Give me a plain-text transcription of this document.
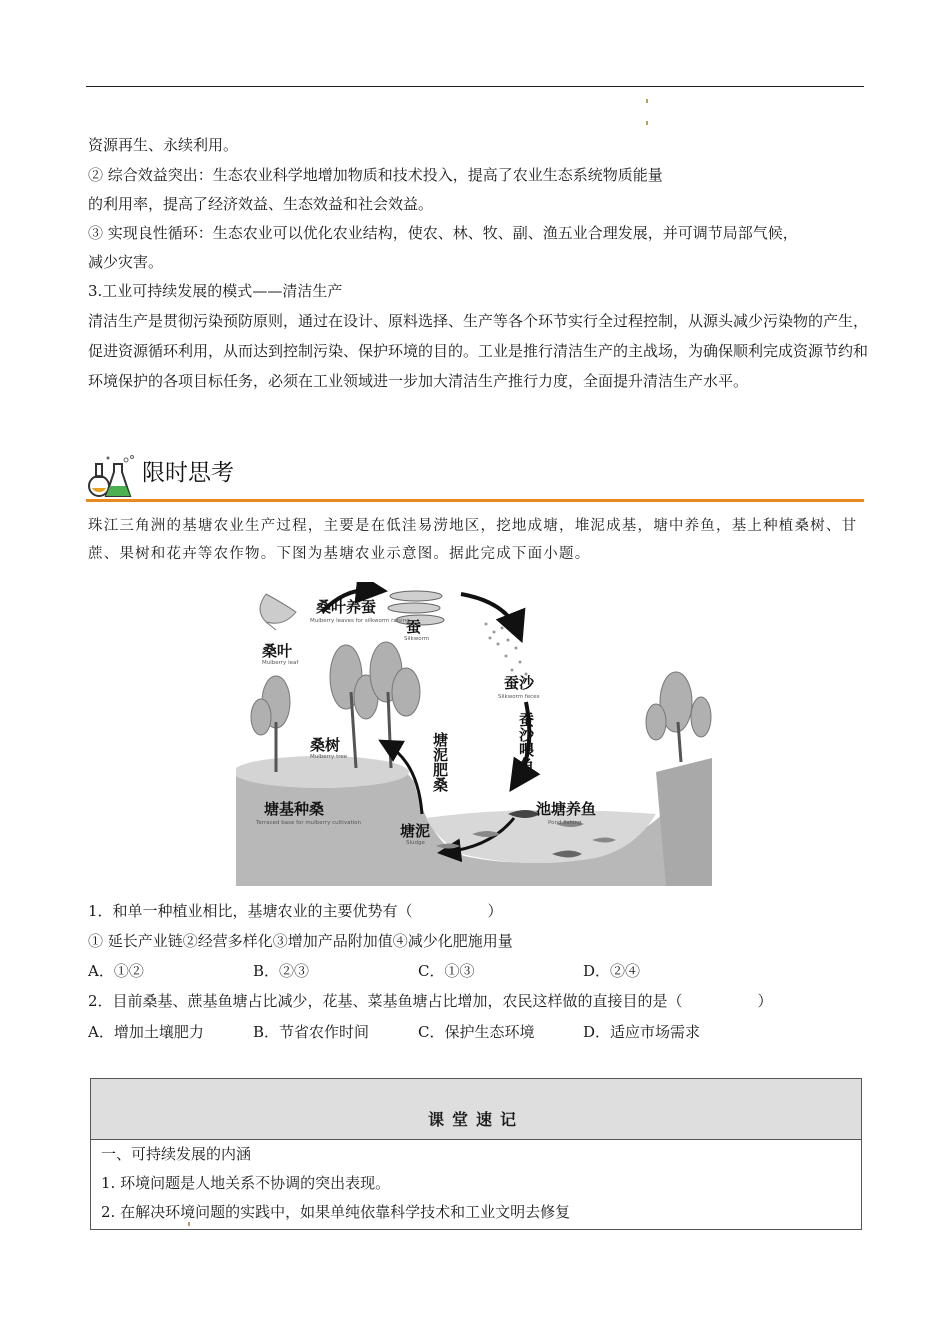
资源再生、永续利用。
② 综合效益突出：生态农业科学地增加物质和技术投入，提高了农业生态系统物质能量
的利用率，提高了经济效益、生态效益和社会效益。
③ 实现良性循环：生态农业可以优化农业结构，使农、林、牧、副、渔五业合理发展，并可调节局部气候，
减少灾害。
3.工业可持续发展的模式——清洁生产
清洁生产是贯彻污染预防原则，通过在设计、原料选择、生产等各个环节实行全过程控制，从源头减少污染物的产生，促进资源循环利用，从而达到控制污染、保护环境的目的。工业是推行清洁生产的主战场，为确保顺利完成资源节约和环境保护的各项目标任务，必须在工业领域进一步加大清洁生产推行力度，全面提升清洁生产水平。
限时思考
珠江三角洲的基塘农业生产过程，主要是在低洼易涝地区，挖地成塘，堆泥成基，塘中养鱼，基上种植桑树、甘蔗、果树和花卉等农作物。下图为基塘农业示意图。据此完成下面小题。
桑叶养蚕
Mulberry leaves for silkworm raising
蚕
Silkworm
桑叶
Mulberry leaf
蚕沙
Silkworm feces
蚕沙喂鱼
桑树
Mulberry tree	塘泥肥桑
塘基种桑
Terraced base for mulberry cultivation
池塘养鱼
Pond fishing
塘泥
Sludge
1．和单一种植业相比，基塘农业的主要优势有（　　　　　）
① 延长产业链②经营多样化③增加产品附加值④减少化肥施用量
A．①②	B．②③	C．①③	D．②④
2．目前桑基、蔗基鱼塘占比减少，花基、菜基鱼塘占比增加，农民这样做的直接目的是（　　　　　）
A．增加土壤肥力	B．节省农作时间	C．保护生态环境	D．适应市场需求
课堂速记
一、可持续发展的内涵
1. 环境问题是人地关系不协调的突出表现。
2. 在解决环境问题的实践中，如果单纯依靠科学技术和工业文明去修复
